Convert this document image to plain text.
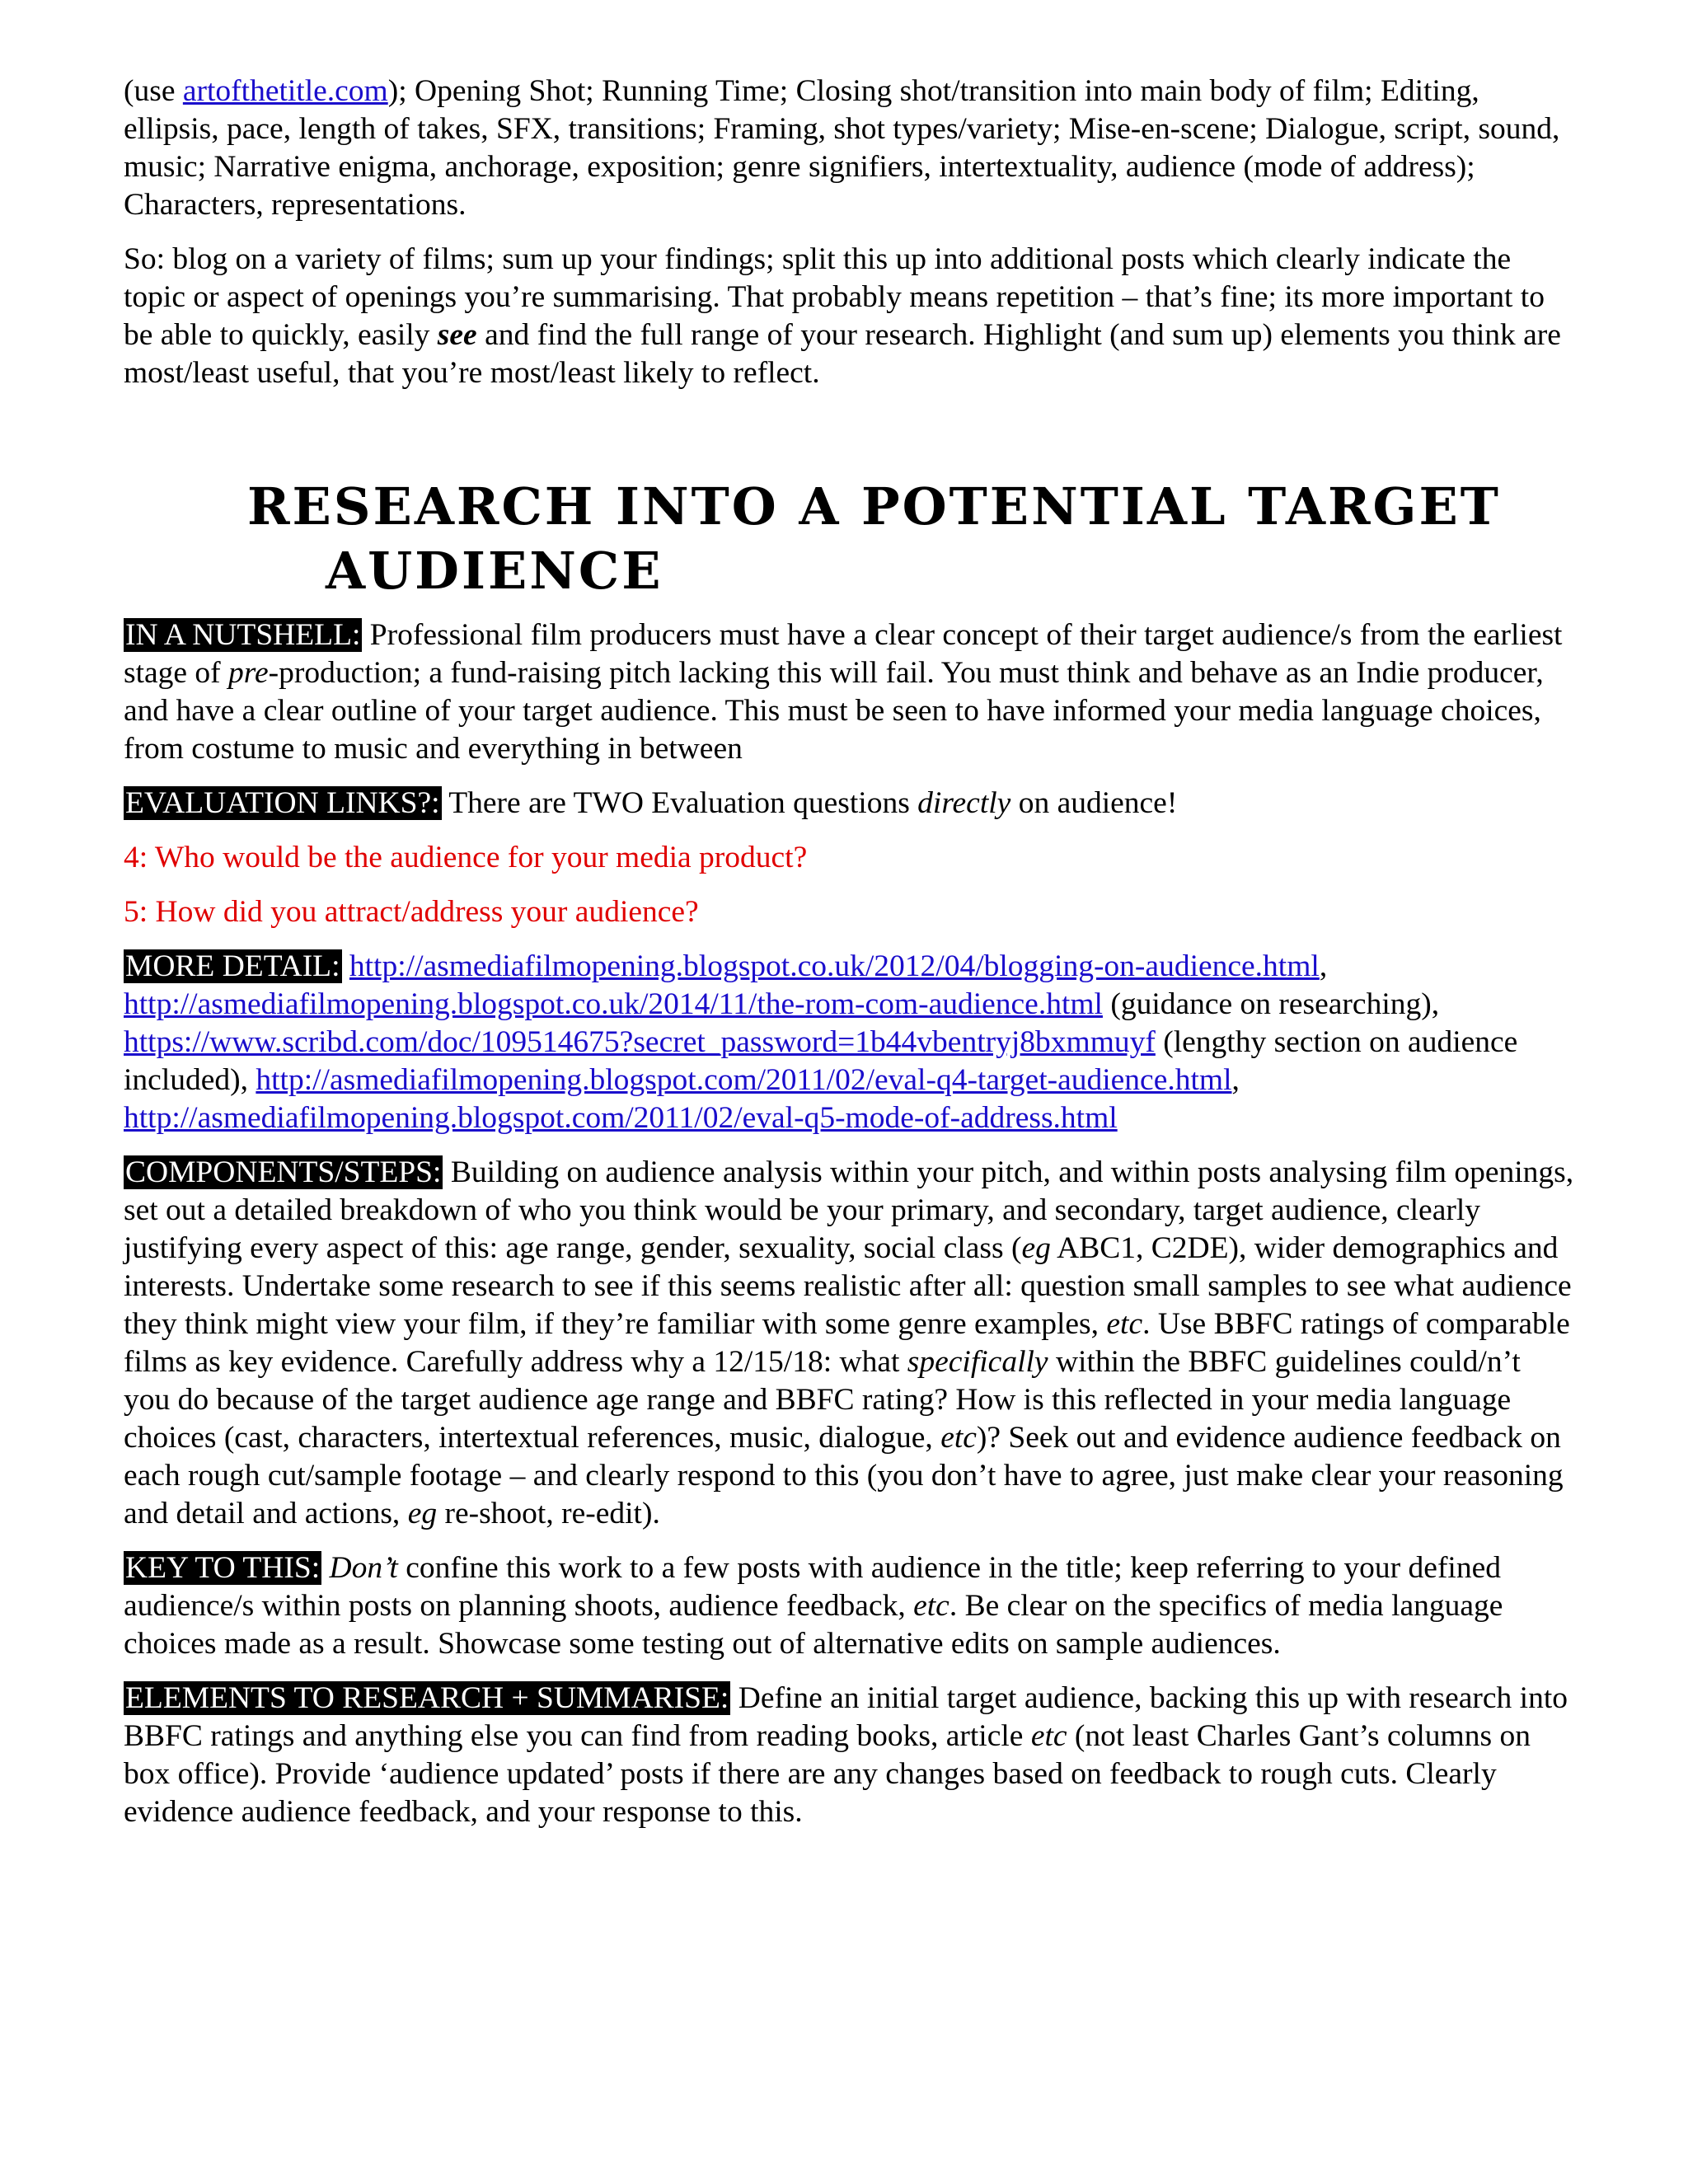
(use artofthetitle.com); Opening Shot; Running Time; Closing shot/transition into main body of film; Editing, ellipsis, pace, length of takes, SFX, transitions; Framing, shot types/variety; Mise-en-scene; Dialogue, script, sound, music; Narrative enigma, anchorage, exposition; genre signifiers, intertextuality, audience (mode of address); Characters, representations.

So: blog on a variety of films; sum up your findings; split this up into additional posts which clearly indicate the topic or aspect of openings you’re summarising. That probably means repetition – that’s fine; its more important to be able to quickly, easily see and find the full range of your research. Highlight (and sum up) elements you think are most/least useful, that you’re most/least likely to reflect.

RESEARCH INTO A POTENTIAL TARGET
AUDIENCE

IN A NUTSHELL: Professional film producers must have a clear concept of their target audience/s from the earliest stage of pre-production; a fund-raising pitch lacking this will fail. You must think and behave as an Indie producer, and have a clear outline of your target audience. This must be seen to have informed your media language choices, from costume to music and everything in between

EVALUATION LINKS?: There are TWO Evaluation questions directly on audience!

4: Who would be the audience for your media product?

5: How did you attract/address your audience?

MORE DETAIL: http://asmediafilmopening.blogspot.co.uk/2012/04/blogging-on-audience.html, http://asmediafilmopening.blogspot.co.uk/2014/11/the-rom-com-audience.html (guidance on researching), https://www.scribd.com/doc/109514675?secret_password=1b44vbentryj8bxmmuyf (lengthy section on audience included), http://asmediafilmopening.blogspot.com/2011/02/eval-q4-target-audience.html, http://asmediafilmopening.blogspot.com/2011/02/eval-q5-mode-of-address.html

COMPONENTS/STEPS: Building on audience analysis within your pitch, and within posts analysing film openings, set out a detailed breakdown of who you think would be your primary, and secondary, target audience, clearly justifying every aspect of this: age range, gender, sexuality, social class (eg ABC1, C2DE), wider demographics and interests. Undertake some research to see if this seems realistic after all: question small samples to see what audience they think might view your film, if they’re familiar with some genre examples, etc. Use BBFC ratings of comparable films as key evidence. Carefully address why a 12/15/18: what specifically within the BBFC guidelines could/n’t you do because of the target audience age range and BBFC rating? How is this reflected in your media language choices (cast, characters, intertextual references, music, dialogue, etc)? Seek out and evidence audience feedback on each rough cut/sample footage – and clearly respond to this (you don’t have to agree, just make clear your reasoning and detail and actions, eg re-shoot, re-edit).

KEY TO THIS: Don’t confine this work to a few posts with audience in the title; keep referring to your defined audience/s within posts on planning shoots, audience feedback, etc. Be clear on the specifics of media language choices made as a result. Showcase some testing out of alternative edits on sample audiences.

ELEMENTS TO RESEARCH + SUMMARISE: Define an initial target audience, backing this up with research into BBFC ratings and anything else you can find from reading books, article etc (not least Charles Gant’s columns on box office). Provide ‘audience updated’ posts if there are any changes based on feedback to rough cuts. Clearly evidence audience feedback, and your response to this.
